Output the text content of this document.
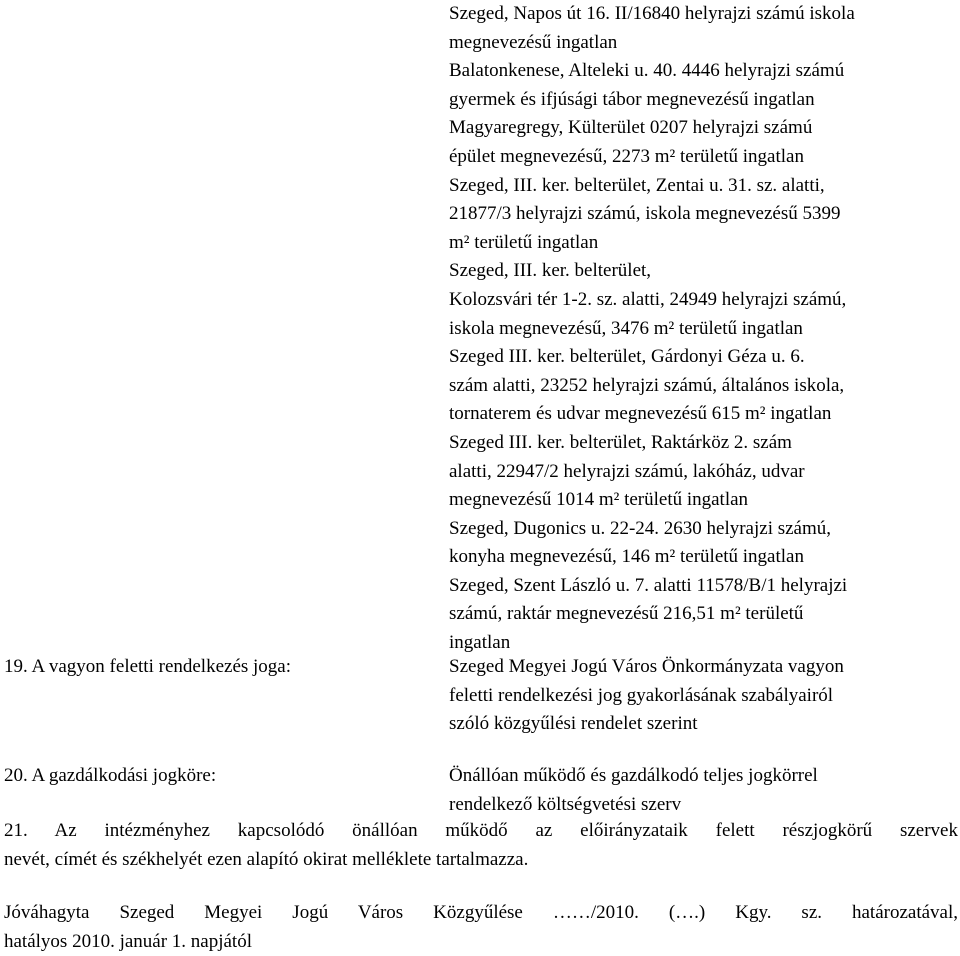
Szeged, Napos út 16. II/16840 helyrajzi számú iskola
megnevezésű ingatlan
Balatonkenese, Alteleki u. 40. 4446 helyrajzi számú
gyermek és ifjúsági tábor megnevezésű ingatlan
Magyaregregy, Külterület 0207 helyrajzi számú
épület megnevezésű, 2273 m² területű ingatlan
Szeged, III. ker. belterület, Zentai u. 31. sz. alatti,
21877/3 helyrajzi számú, iskola megnevezésű 5399
m² területű ingatlan
Szeged, III. ker. belterület,
Kolozsvári tér 1-2. sz. alatti, 24949 helyrajzi számú,
iskola megnevezésű, 3476 m² területű ingatlan
Szeged III. ker. belterület, Gárdonyi Géza u. 6.
szám alatti, 23252 helyrajzi számú, általános iskola,
tornaterem és udvar megnevezésű 615 m² ingatlan
Szeged III. ker. belterület, Raktárköz 2. szám
alatti, 22947/2 helyrajzi számú, lakóház, udvar
megnevezésű 1014 m² területű ingatlan
Szeged, Dugonics u. 22-24. 2630 helyrajzi számú,
konyha megnevezésű, 146 m² területű ingatlan
Szeged, Szent László u. 7. alatti 11578/B/1 helyrajzi
számú, raktár megnevezésű 216,51 m² területű
ingatlan
19. A vagyon feletti rendelkezés joga:	Szeged Megyei Jogú Város Önkormányzata vagyon
feletti rendelkezési jog gyakorlásának szabályairól
szóló közgyűlési rendelet szerint
20. A gazdálkodási jogköre:	Önállóan működő és gazdálkodó teljes jogkörrel
rendelkező költségvetési szerv
21. Az intézményhez kapcsolódó önállóan működő az előirányzataik felett részjogkörű szervek
nevét, címét és székhelyét ezen alapító okirat melléklete tartalmazza.
Jóváhagyta Szeged Megyei Jogú Város Közgyűlése ……/2010. (….) Kgy. sz. határozatával,
hatályos 2010. január 1. napjától
